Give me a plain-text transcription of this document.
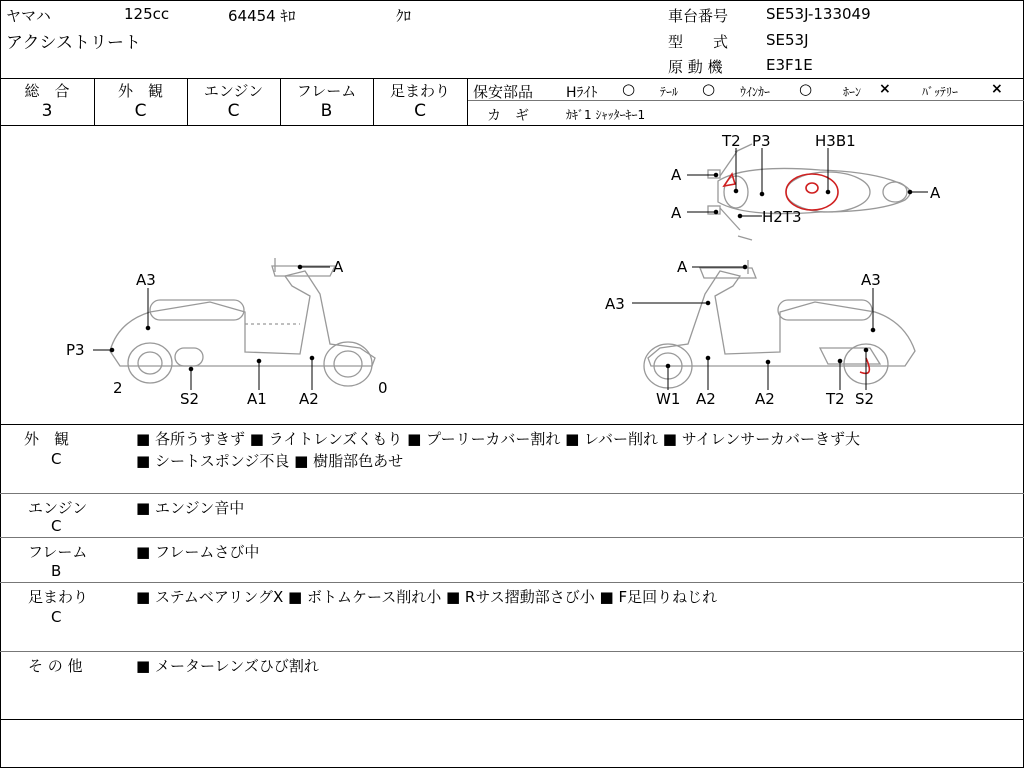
ヤマハ	125cc	64454 ｷﾛ	ｸﾛ
アクシストリート
車台番号	SE53J-133049
型　　式	SE53J
原 動 機	E3F1E
総　合
3
外　観
C
エンジン
C
フレーム
B
足まわり
C
保安部品 Hﾗｲﾄ ○ ﾃｰﾙ ○ ｳｲﾝｶｰ ○	ﾎｰﾝ ×	ﾊﾞｯﾃﾘｰ ×
カ　ギ	ｶｷﾞ1 ｼｬｯﾀｰｷｰ1
T2 P3	H3B1
A
A
A
H2T3
A
A3
P3
2
S2	A1 A2
0
A
A3
A3
W1 A2	A2	T2 S2
外　観
C
■ 各所うすきず ■ ライトレンズくもり ■ プーリーカバー割れ ■ レバー削れ ■ サイレンサーカバーきず大
■ シートスポンジ不良 ■ 樹脂部色あせ
エンジン
C
■ エンジン音中
フレーム
B
■ フレームさび中
足まわり
C
■ ステムベアリングX ■ ボトムケース削れ小 ■ Rサス摺動部さび小 ■ F足回りねじれ
そ の 他	■ メーターレンズひび割れ
